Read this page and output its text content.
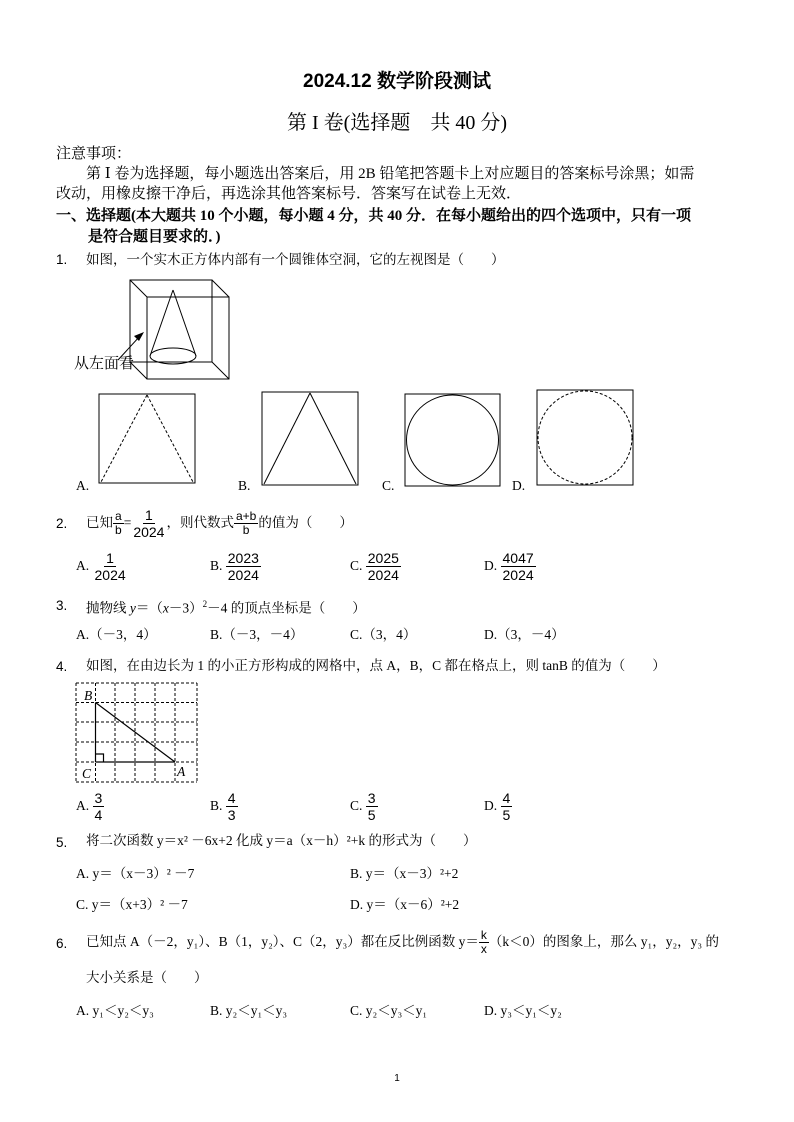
2024.12 数学阶段测试
第 I 卷(选择题　共 40 分)
注意事项：
第 Ⅰ 卷为选择题，每小题选出答案后，用 2B 铅笔把答题卡上对应题目的答案标号涂黑；如需
改动，用橡皮擦干净后，再选涂其他答案标号．答案写在试卷上无效．
一、选择题(本大题共 10 个小题，每小题 4 分，共 40 分．在每小题给出的四个选项中，只有一项
是符合题目要求的．)
1. 如图，一个实木正方体内部有一个圆锥体空洞，它的左视图是（　　）
从左面看
A.	B.	C.	D.
2. 已知 $\frac{a}{b} = \frac{1}{2024}$ ，则代数式 $\frac{a+b}{b}$ 的值为（　　）
A.
$\frac{1}{2024}$	B.
$\frac{2023}{2024}$	C.
$\frac{2025}{2024}$	D.
$\frac{4047}{2024}$
3. 抛物线 $y=(x-3)^2-4$ 的顶点坐标是（　　）
A.（－3，4）	B.（－3，－4）	C.（3，4）	D.（3，－4）
4. 如图，在由边长为 1 的小正方形构成的网格中，点 A，B，C 都在格点上，则 tanB 的值为（　　）
B
C	A
A.
$\frac{3}{4}$	B.
$\frac{4}{3}$	C.
$\frac{3}{5}$	D.
$\frac{4}{5}$
5. 将二次函数 y＝x² －6x+2 化成 y＝a（x－h）²+k 的形式为（　　）
A. y＝（x－3）² －7	B. y＝（x－3）²+2
C. y＝（x+3）² －7	D. y＝（x－6）²+2
6. 已知点 A（－2，y₁）、B（1，y₂）、C（2，y₃）都在反比例函数 $y= \frac{k}{x} (k<0)$的图象上，那么 y₁，y₂，y₃ 的
大小关系是（　　）
A. y₁＜y₂＜y₃	B. y₂＜y₁＜y₃	C. y₂＜y₃＜y₁	D. y₃＜y₁＜y₂
1
